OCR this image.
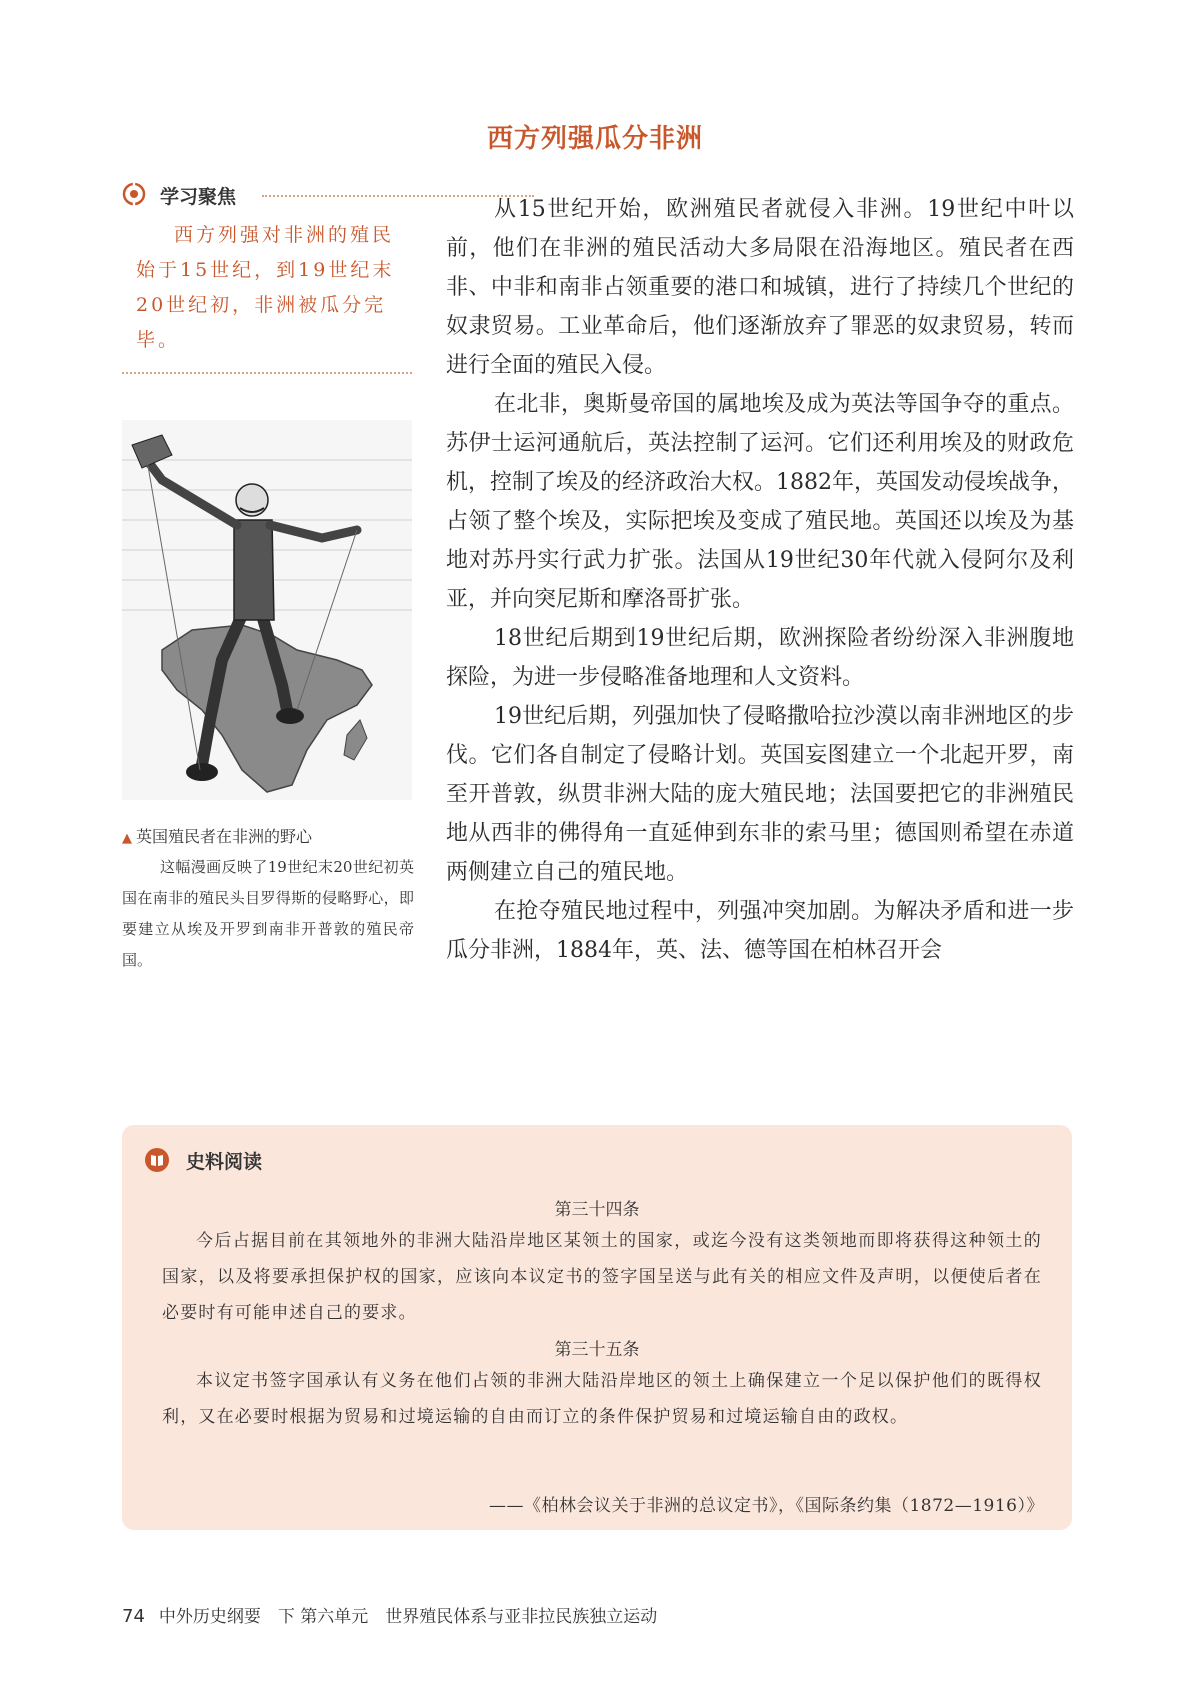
西方列强瓜分非洲
学习聚焦

西方列强对非洲的殖民始于15世纪，到19世纪末20世纪初，非洲被瓜分完毕。

▲ 英国殖民者在非洲的野心

这幅漫画反映了19世纪末20世纪初英国在南非的殖民头目罗得斯的侵略野心，即要建立从埃及开罗到南非开普敦的殖民帝国。

从15世纪开始，欧洲殖民者就侵入非洲。19世纪中叶以前，他们在非洲的殖民活动大多局限在沿海地区。殖民者在西非、中非和南非占领重要的港口和城镇，进行了持续几个世纪的奴隶贸易。工业革命后，他们逐渐放弃了罪恶的奴隶贸易，转而进行全面的殖民入侵。

在北非，奥斯曼帝国的属地埃及成为英法等国争夺的重点。苏伊士运河通航后，英法控制了运河。它们还利用埃及的财政危机，控制了埃及的经济政治大权。1882年，英国发动侵埃战争，占领了整个埃及，实际把埃及变成了殖民地。英国还以埃及为基地对苏丹实行武力扩张。法国从19世纪30年代就入侵阿尔及利亚，并向突尼斯和摩洛哥扩张。

18世纪后期到19世纪后期，欧洲探险者纷纷深入非洲腹地探险，为进一步侵略准备地理和人文资料。

19世纪后期，列强加快了侵略撒哈拉沙漠以南非洲地区的步伐。它们各自制定了侵略计划。英国妄图建立一个北起开罗，南至开普敦，纵贯非洲大陆的庞大殖民地；法国要把它的非洲殖民地从西非的佛得角一直延伸到东非的索马里；德国则希望在赤道两侧建立自己的殖民地。

在抢夺殖民地过程中，列强冲突加剧。为解决矛盾和进一步瓜分非洲，1884年，英、法、德等国在柏林召开会

史料阅读
第三十四条

今后占据目前在其领地外的非洲大陆沿岸地区某领土的国家，或迄今没有这类领地而即将获得这种领土的国家，以及将要承担保护权的国家，应该向本议定书的签字国呈送与此有关的相应文件及声明，以便使后者在必要时有可能申述自己的要求。

第三十五条

本议定书签字国承认有义务在他们占领的非洲大陆沿岸地区的领土上确保建立一个足以保护他们的既得权利，又在必要时根据为贸易和过境运输的自由而订立的条件保护贸易和过境运输自由的政权。

——《柏林会议关于非洲的总议定书》，《国际条约集（1872—1916）》
74 中外历史纲要　下 第六单元　世界殖民体系与亚非拉民族独立运动
